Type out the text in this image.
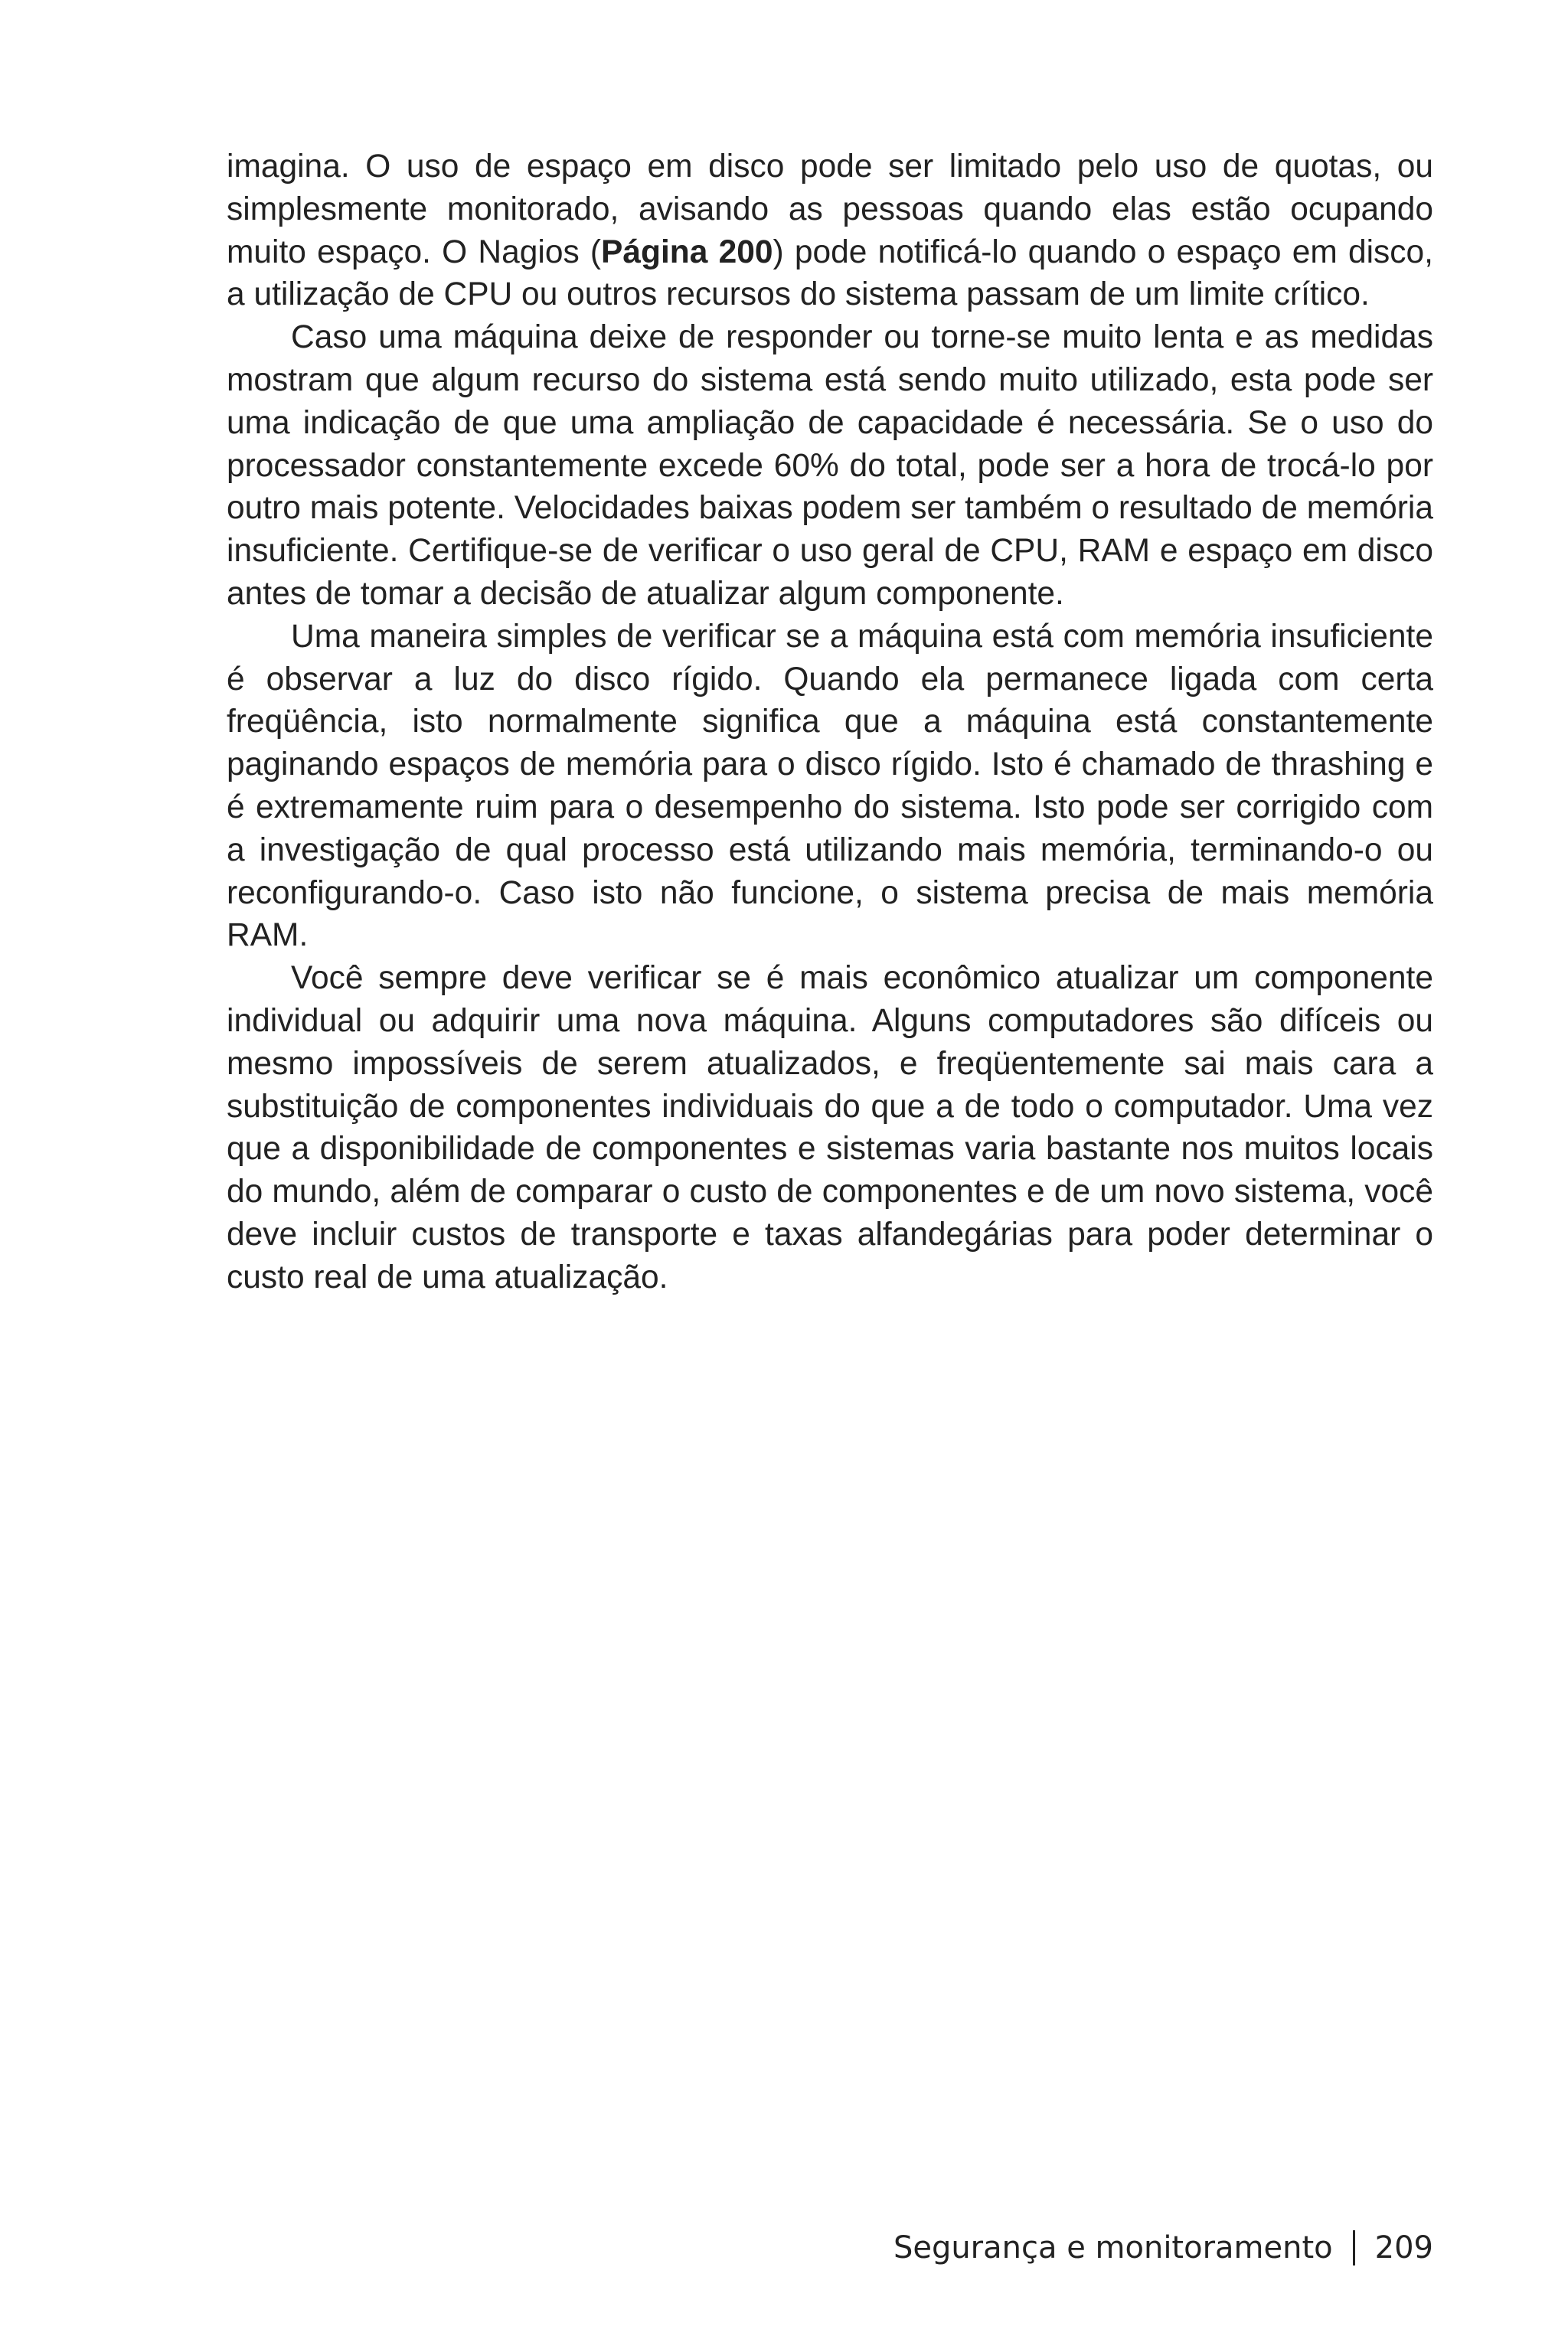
imagina. O uso de espaço em disco pode ser limitado pelo uso de quotas, ou simplesmente monitorado, avisando as pessoas quando elas estão ocupando muito espaço. O Nagios (Página 200) pode notificá-lo quando o espaço em disco, a utilização de CPU ou outros recursos do sistema passam de um limite crítico.

Caso uma máquina deixe de responder ou torne-se muito lenta e as medidas mostram que algum recurso do sistema está sendo muito utilizado, esta pode ser uma indicação de que uma ampliação de capacidade é necessária. Se o uso do processador constantemente excede 60% do total, pode ser a hora de trocá-lo por outro mais potente. Velocidades baixas podem ser também o resultado de memória insuficiente. Certifique-se de verificar o uso geral de CPU, RAM e espaço em disco antes de tomar a decisão de atualizar algum componente.

Uma maneira simples de verificar se a máquina está com memória insuficiente é observar a luz do disco rígido. Quando ela permanece ligada com certa freqüência, isto normalmente significa que a máquina está constantemente paginando espaços de memória para o disco rígido. Isto é chamado de thrashing e é extremamente ruim para o desempenho do sistema. Isto pode ser corrigido com a investigação de qual processo está utilizando mais memória, terminando-o ou reconfigurando-o. Caso isto não funcione, o sistema precisa de mais memória RAM.

Você sempre deve verificar se é mais econômico atualizar um componente individual ou adquirir uma nova máquina. Alguns computadores são difíceis ou mesmo impossíveis de serem atualizados, e freqüentemente sai mais cara a substituição de componentes individuais do que a de todo o computador. Uma vez que a disponibilidade de componentes e sistemas varia bastante nos muitos locais do mundo, além de comparar o custo de componentes e de um novo sistema, você deve incluir custos de transporte e taxas alfandegárias para poder determinar o custo real de uma atualização.

Segurança e monitoramento 209
